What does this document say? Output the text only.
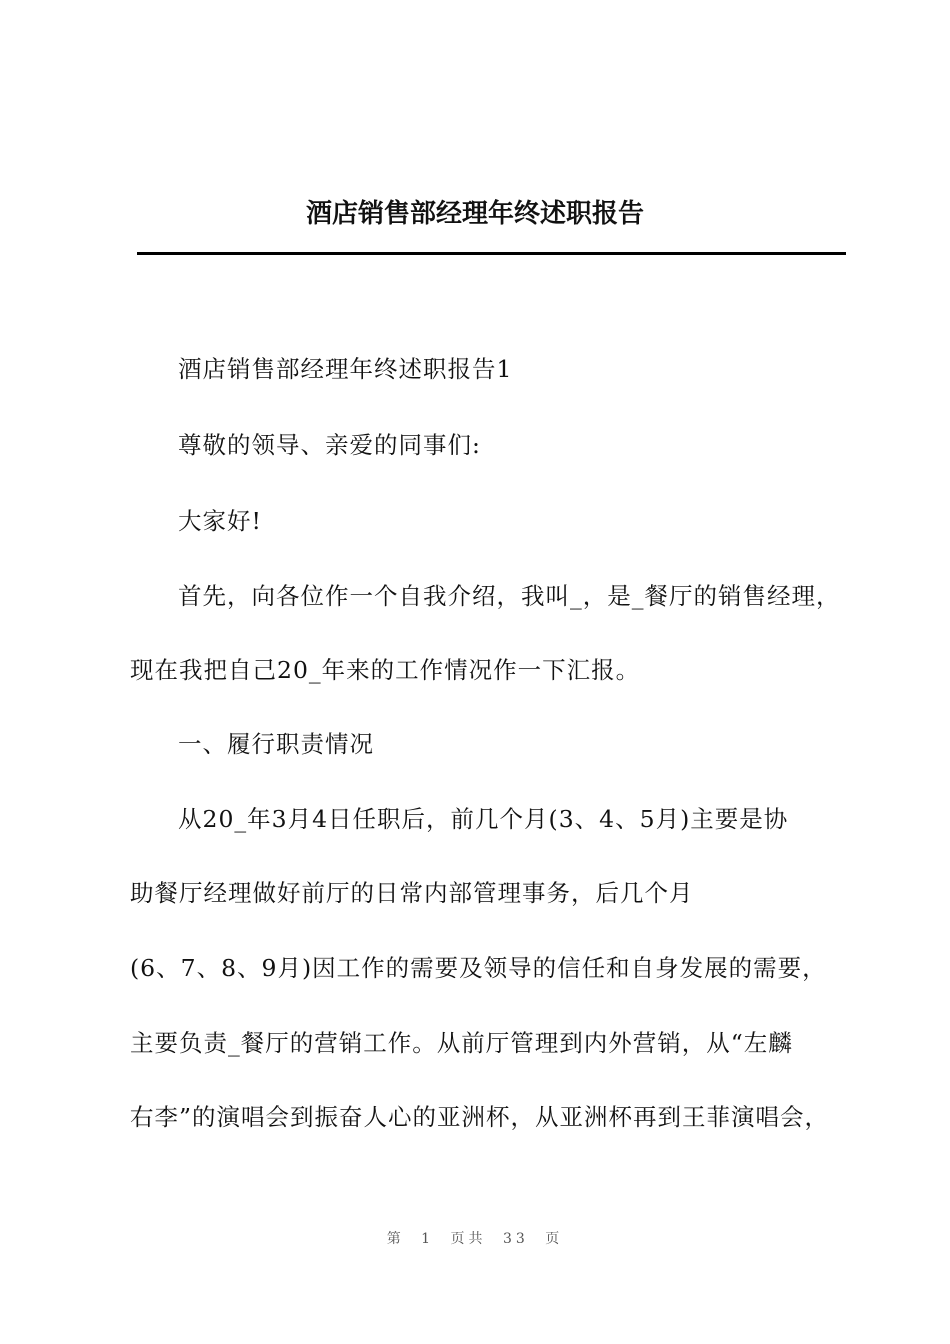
酒店销售部经理年终述职报告

酒店销售部经理年终述职报告1

尊敬的领导、亲爱的同事们:

大家好!

首先，向各位作一个自我介绍，我叫_，是_餐厅的销售经理，

现在我把自己20_年来的工作情况作一下汇报。

一、履行职责情况

从20_年3月4日任职后，前几个月(3、4、5月)主要是协

助餐厅经理做好前厅的日常内部管理事务，后几个月

(6、7、8、9月)因工作的需要及领导的信任和自身发展的需要，

主要负责_餐厅的营销工作。从前厅管理到内外营销，从“左麟

右李”的演唱会到振奋人心的亚洲杯，从亚洲杯再到王菲演唱会，

第 1 页共 33 页
